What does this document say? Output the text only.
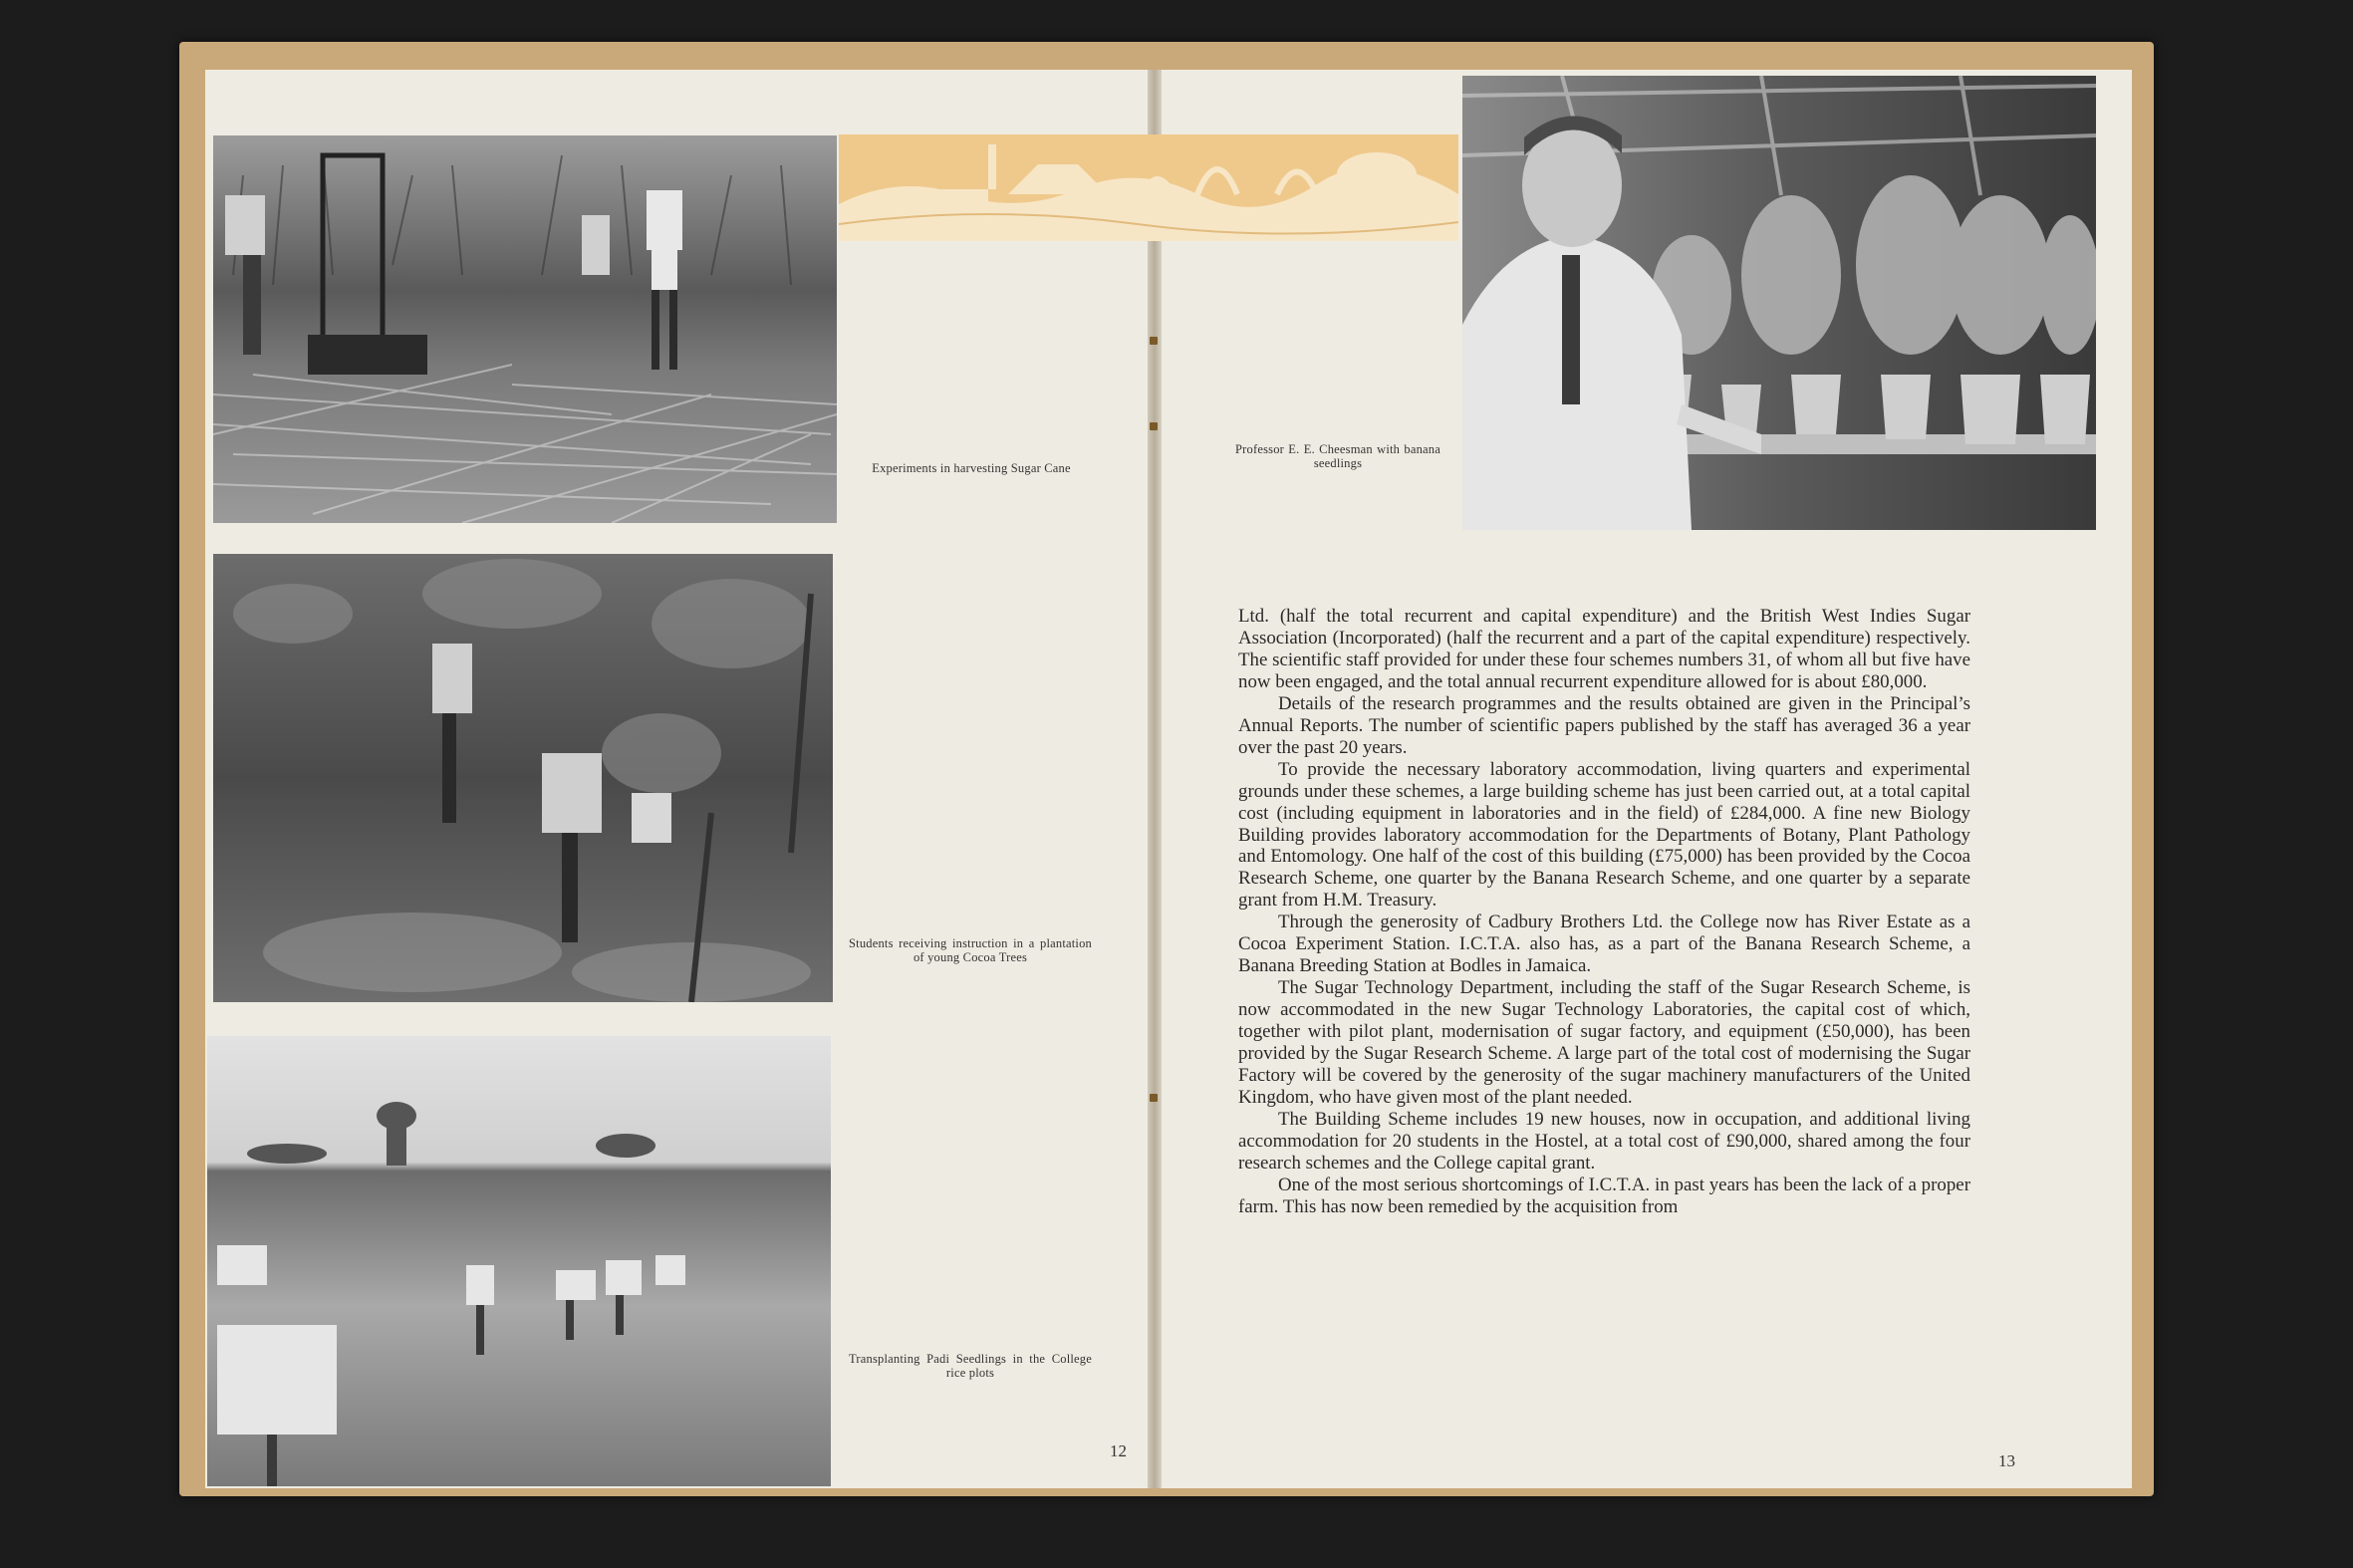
Experiments in harvesting Sugar Cane
Students receiving instruction in a plantation of young Cocoa Trees
Transplanting Padi Seedlings in the College rice plots
12
Professor E. E. Cheesman with banana seedlings

Ltd. (half the total recurrent and capital expenditure) and the British West Indies Sugar Association (Incorporated) (half the recurrent and a part of the capital expenditure) respectively. The scientific staff provided for under these four schemes numbers 31, of whom all but five have now been engaged, and the total annual recurrent expenditure allowed for is about £80,000.

Details of the research programmes and the results obtained are given in the Principal’s Annual Reports. The number of scientific papers published by the staff has averaged 36 a year over the past 20 years.

To provide the necessary laboratory accommodation, living quarters and experimental grounds under these schemes, a large building scheme has just been carried out, at a total capital cost (including equipment in laboratories and in the field) of £284,000. A fine new Biology Building provides laboratory accommodation for the Departments of Botany, Plant Pathology and Entomology. One half of the cost of this building (£75,000) has been provided by the Cocoa Research Scheme, one quarter by the Banana Research Scheme, and one quarter by a separate grant from H.M. Treasury.

Through the generosity of Cadbury Brothers Ltd. the College now has River Estate as a Cocoa Experiment Station. I.C.T.A. also has, as a part of the Banana Research Scheme, a Banana Breeding Station at Bodles in Jamaica.

The Sugar Technology Department, including the staff of the Sugar Research Scheme, is now accommodated in the new Sugar Technology Laboratories, the capital cost of which, together with pilot plant, modernisation of sugar factory, and equipment (£50,000), has been provided by the Sugar Research Scheme. A large part of the total cost of modernising the Sugar Factory will be covered by the generosity of the sugar machinery manufacturers of the United Kingdom, who have given most of the plant needed.

The Building Scheme includes 19 new houses, now in occupation, and additional living accommodation for 20 students in the Hostel, at a total cost of £90,000, shared among the four research schemes and the College capital grant.

One of the most serious shortcomings of I.C.T.A. in past years has been the lack of a proper farm. This has now been remedied by the acquisition from

13
